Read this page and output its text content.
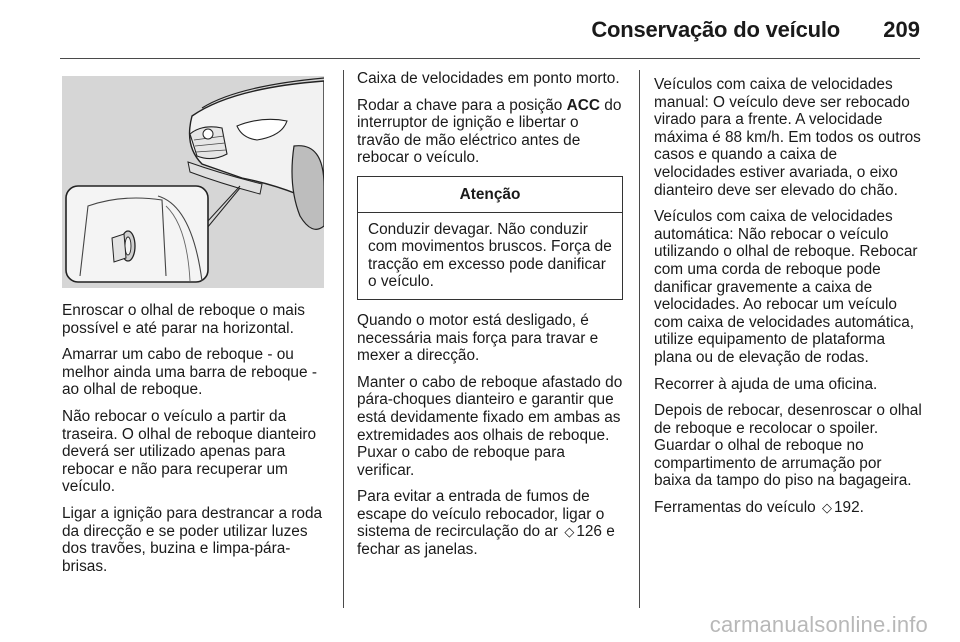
Conservação do veículo 209

Enroscar o olhal de reboque o mais possível e até parar na horizontal.

Amarrar um cabo de reboque - ou melhor ainda uma barra de reboque - ao olhal de reboque.

Não rebocar o veículo a partir da traseira. O olhal de reboque dianteiro deverá ser utilizado apenas para rebocar e não para recuperar um veículo.

Ligar a ignição para destrancar a roda da direcção e se poder utilizar luzes dos travões, buzina e limpa-pára-brisas.

Caixa de velocidades em ponto morto.

Rodar a chave para a posição ACC do interruptor de ignição e libertar o travão de mão eléctrico antes de rebocar o veículo.

Atenção
Conduzir devagar. Não conduzir com movimentos bruscos. Força de tracção em excesso pode danificar o veículo.

Quando o motor está desligado, é necessária mais força para travar e mexer a direcção.

Manter o cabo de reboque afastado do pára-choques dianteiro e garantir que está devidamente fixado em ambas as extremidades aos olhais de reboque. Puxar o cabo de reboque para verificar.

Para evitar a entrada de fumos de escape do veículo rebocador, ligar o sistema de recirculação do ar ◇ 126 e fechar as janelas.

Veículos com caixa de velocidades manual: O veículo deve ser rebocado virado para a frente. A velocidade máxima é 88 km/h. Em todos os outros casos e quando a caixa de velocidades estiver avariada, o eixo dianteiro deve ser elevado do chão.

Veículos com caixa de velocidades automática: Não rebocar o veículo utilizando o olhal de reboque. Rebocar com uma corda de reboque pode danificar gravemente a caixa de velocidades. Ao rebocar um veículo com caixa de velocidades automática, utilize equipamento de plataforma plana ou de elevação de rodas.

Recorrer à ajuda de uma oficina.

Depois de rebocar, desenroscar o olhal de reboque e recolocar o spoiler. Guardar o olhal de reboque no compartimento de arrumação por baixa da tampo do piso na bagageira.

Ferramentas do veículo ◇ 192.

carmanualsonline.info
